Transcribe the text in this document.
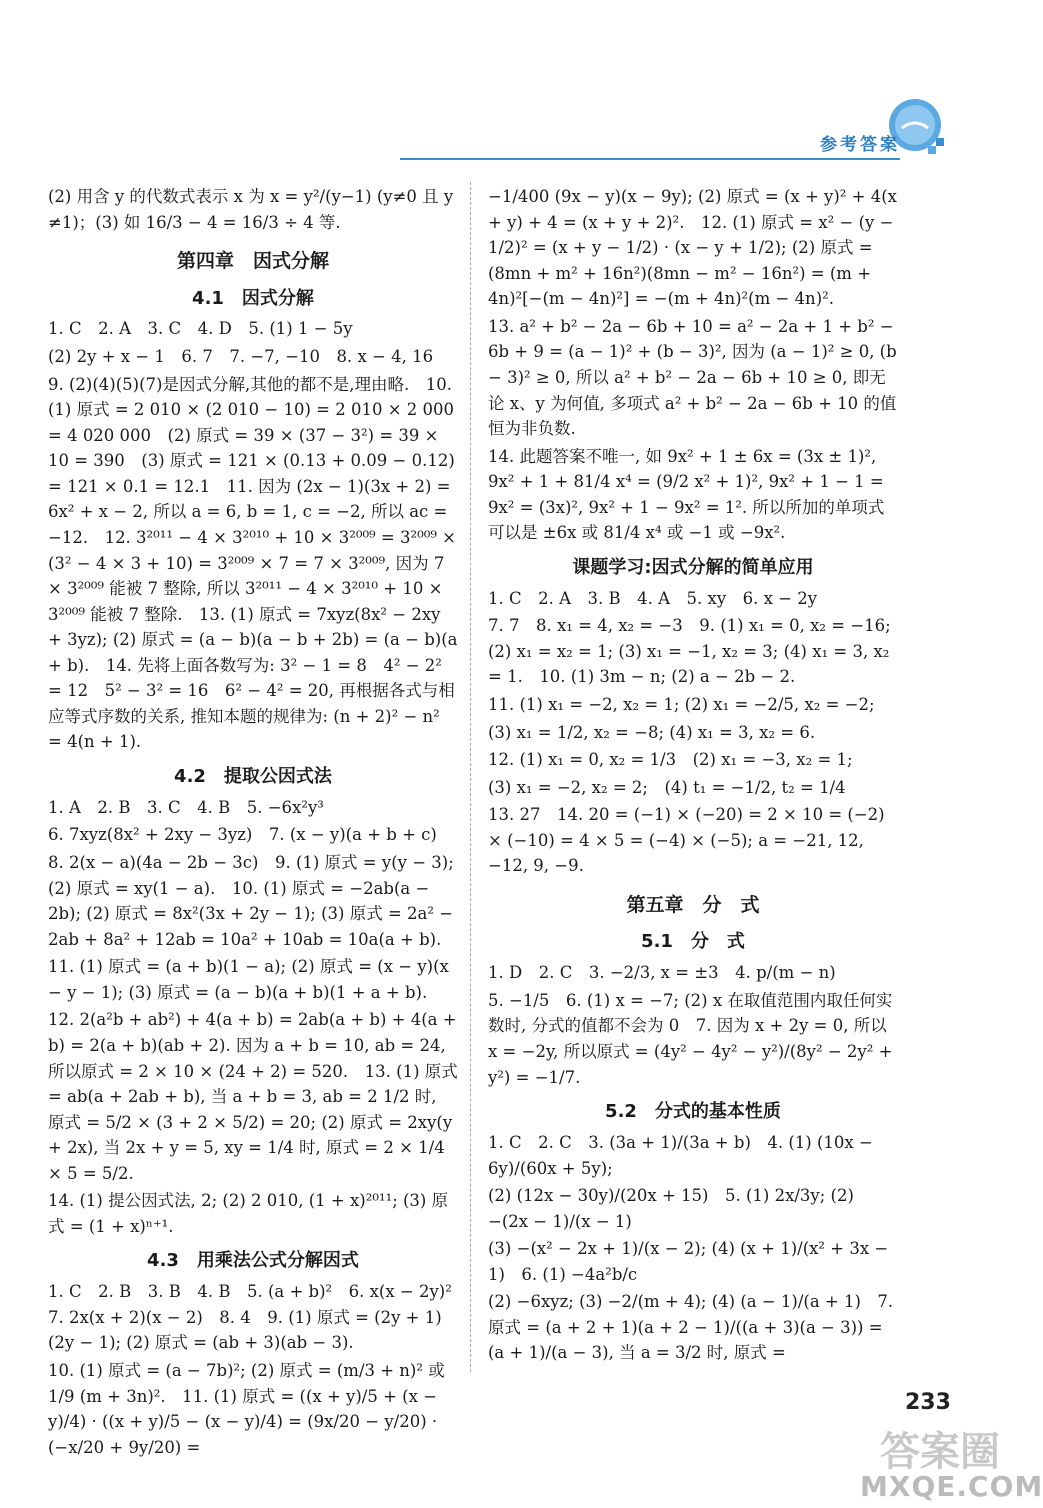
参考答案
(2) 用含 y 的代数式表示 x 为 x = y²/(y−1) (y≠0 且 y ≠1)；(3) 如 16/3 − 4 = 16/3 ÷ 4 等.
第四章　因式分解
4.1　因式分解
1. C　2. A　3. C　4. D　5. (1) 1 − 5y
(2) 2y + x − 1　6. 7　7. −7, −10　8. x − 4, 16
9. (2)(4)(5)(7)是因式分解,其他的都不是,理由略.　10. (1) 原式 = 2 010 × (2 010 − 10) = 2 010 × 2 000 = 4 020 000　(2) 原式 = 39 × (37 − 3²) = 39 × 10 = 390　(3) 原式 = 121 × (0.13 + 0.09 − 0.12) = 121 × 0.1 = 12.1　11. 因为 (2x − 1)(3x + 2) = 6x² + x − 2, 所以 a = 6, b = 1, c = −2, 所以 ac = −12.　12. 3²⁰¹¹ − 4 × 3²⁰¹⁰ + 10 × 3²⁰⁰⁹ = 3²⁰⁰⁹ × (3² − 4 × 3 + 10) = 3²⁰⁰⁹ × 7 = 7 × 3²⁰⁰⁹, 因为 7 × 3²⁰⁰⁹ 能被 7 整除, 所以 3²⁰¹¹ − 4 × 3²⁰¹⁰ + 10 × 3²⁰⁰⁹ 能被 7 整除.　13. (1) 原式 = 7xyz(8x² − 2xy + 3yz); (2) 原式 = (a − b)(a − b + 2b) = (a − b)(a + b).　14. 先将上面各数写为: 3² − 1 = 8　4² − 2² = 12　5² − 3² = 16　6² − 4² = 20, 再根据各式与相应等式序数的关系, 推知本题的规律为: (n + 2)² − n² = 4(n + 1).
4.2　提取公因式法
1. A　2. B　3. C　4. B　5. −6x²y³
6. 7xyz(8x² + 2xy − 3yz)　7. (x − y)(a + b + c)
8. 2(x − a)(4a − 2b − 3c)　9. (1) 原式 = y(y − 3); (2) 原式 = xy(1 − a).　10. (1) 原式 = −2ab(a − 2b); (2) 原式 = 8x²(3x + 2y − 1); (3) 原式 = 2a² − 2ab + 8a² + 12ab = 10a² + 10ab = 10a(a + b).
11. (1) 原式 = (a + b)(1 − a); (2) 原式 = (x − y)(x − y − 1); (3) 原式 = (a − b)(a + b)(1 + a + b).
12. 2(a²b + ab²) + 4(a + b) = 2ab(a + b) + 4(a + b) = 2(a + b)(ab + 2). 因为 a + b = 10, ab = 24, 所以原式 = 2 × 10 × (24 + 2) = 520.　13. (1) 原式 = ab(a + 2ab + b), 当 a + b = 3, ab = 2 1/2 时, 原式 = 5/2 × (3 + 2 × 5/2) = 20; (2) 原式 = 2xy(y + 2x), 当 2x + y = 5, xy = 1/4 时, 原式 = 2 × 1/4 × 5 = 5/2.
14. (1) 提公因式法, 2; (2) 2 010, (1 + x)²⁰¹¹; (3) 原式 = (1 + x)ⁿ⁺¹.
4.3　用乘法公式分解因式
1. C　2. B　3. B　4. B　5. (a + b)²　6. x(x − 2y)²　7. 2x(x + 2)(x − 2)　8. 4　9. (1) 原式 = (2y + 1)(2y − 1); (2) 原式 = (ab + 3)(ab − 3).
10. (1) 原式 = (a − 7b)²; (2) 原式 = (m/3 + n)² 或 1/9 (m + 3n)².　11. (1) 原式 = ((x + y)/5 + (x − y)/4) · ((x + y)/5 − (x − y)/4) = (9x/20 − y/20) · (−x/20 + 9y/20) =
−1/400 (9x − y)(x − 9y); (2) 原式 = (x + y)² + 4(x + y) + 4 = (x + y + 2)².　12. (1) 原式 = x² − (y − 1/2)² = (x + y − 1/2) · (x − y + 1/2); (2) 原式 = (8mn + m² + 16n²)(8mn − m² − 16n²) = (m + 4n)²[−(m − 4n)²] = −(m + 4n)²(m − 4n)².
13. a² + b² − 2a − 6b + 10 = a² − 2a + 1 + b² − 6b + 9 = (a − 1)² + (b − 3)², 因为 (a − 1)² ≥ 0, (b − 3)² ≥ 0, 所以 a² + b² − 2a − 6b + 10 ≥ 0, 即无论 x、y 为何值, 多项式 a² + b² − 2a − 6b + 10 的值恒为非负数.
14. 此题答案不唯一, 如 9x² + 1 ± 6x = (3x ± 1)², 9x² + 1 + 81/4 x⁴ = (9/2 x² + 1)², 9x² + 1 − 1 = 9x² = (3x)², 9x² + 1 − 9x² = 1². 所以所加的单项式可以是 ±6x 或 81/4 x⁴ 或 −1 或 −9x².
课题学习:因式分解的简单应用
1. C　2. A　3. B　4. A　5. xy　6. x − 2y
7. 7　8. x₁ = 4, x₂ = −3　9. (1) x₁ = 0, x₂ = −16; (2) x₁ = x₂ = 1; (3) x₁ = −1, x₂ = 3; (4) x₁ = 3, x₂ = 1.　10. (1) 3m − n; (2) a − 2b − 2.
11. (1) x₁ = −2, x₂ = 1; (2) x₁ = −2/5, x₂ = −2;
(3) x₁ = 1/2, x₂ = −8; (4) x₁ = 3, x₂ = 6.
12. (1) x₁ = 0, x₂ = 1/3　(2) x₁ = −3, x₂ = 1;
(3) x₁ = −2, x₂ = 2;　(4) t₁ = −1/2, t₂ = 1/4
13. 27　14. 20 = (−1) × (−20) = 2 × 10 = (−2) × (−10) = 4 × 5 = (−4) × (−5); a = −21, 12, −12, 9, −9.
第五章　分　式
5.1　分　式
1. D　2. C　3. −2/3, x = ±3　4. p/(m − n)
5. −1/5　6. (1) x = −7; (2) x 在取值范围内取任何实数时, 分式的值都不会为 0　7. 因为 x + 2y = 0, 所以 x = −2y, 所以原式 = (4y² − 4y² − y²)/(8y² − 2y² + y²) = −1/7.
5.2　分式的基本性质
1. C　2. C　3. (3a + 1)/(3a + b)　4. (1) (10x − 6y)/(60x + 5y);
(2) (12x − 30y)/(20x + 15)　5. (1) 2x/3y; (2) −(2x − 1)/(x − 1)
(3) −(x² − 2x + 1)/(x − 2); (4) (x + 1)/(x² + 3x − 1)　6. (1) −4a²b/c
(2) −6xyz; (3) −2/(m + 4); (4) (a − 1)/(a + 1)　7. 原式 = (a + 2 + 1)(a + 2 − 1)/((a + 3)(a − 3)) = (a + 1)/(a − 3), 当 a = 3/2 时, 原式 =
233
答案圈
MXQE.COM
